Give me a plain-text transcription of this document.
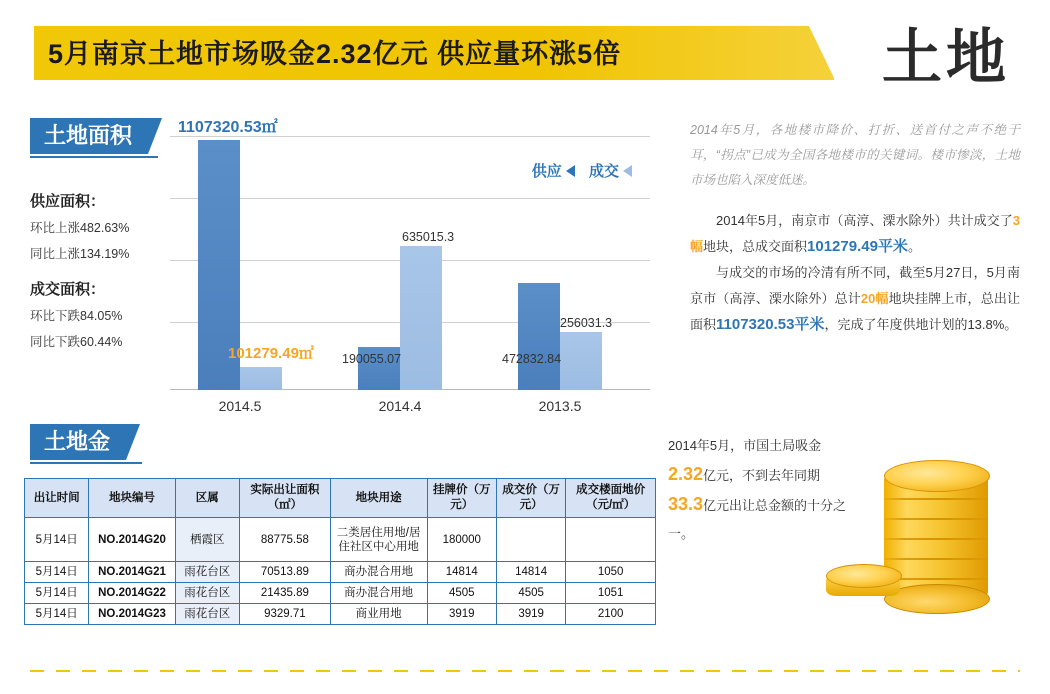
5月南京土地市场吸金2.32亿元 供应量环涨5倍	土地
土地面积
供应面积：
环比上涨482.63%
同比上涨134.19%
成交面积：
环比下跌84.05%
同比下跌60.44%
1107320.53㎡
101279.49㎡ 190055.07
635015.3
472832.84
256031.3
2014.5	2014.4	2013.5
供应 成交
2014年5月，各地楼市降价、打折、送首付之声不绝于耳，“拐点”已成为全国各地楼市的关键词。楼市惨淡，土地市场也陷入深度低迷。

2014年5月，南京市（高淳、溧水除外）共计成交了3幅地块，总成交面积101279.49平米。

与成交的市场的冷清有所不同，截至5月27日，5月南京市（高淳、溧水除外）总计20幅地块挂牌上市，总出让面积1107320.53平米，完成了年度供地计划的13.8%。

土地金
出让时间	地块编号	区属	实际出让面积（㎡）	地块用途	挂牌价（万元）	成交价（万元）	成交楼面地价（元/㎡）
5月14日	NO.2014G20	栖霞区	88775.58	二类居住用地/居住社区中心用地	180000		
5月14日	NO.2014G21	雨花台区	70513.89	商办混合用地	14814	14814	1050
5月14日	NO.2014G22	雨花台区	21435.89	商办混合用地	4505	4505	1051
5月14日	NO.2014G23	雨花台区	9329.71	商业用地	3919	3919	2100
2014年5月，市国土局吸金2.32亿元，不到去年同期33.3亿元出让总金额的十分之一。
